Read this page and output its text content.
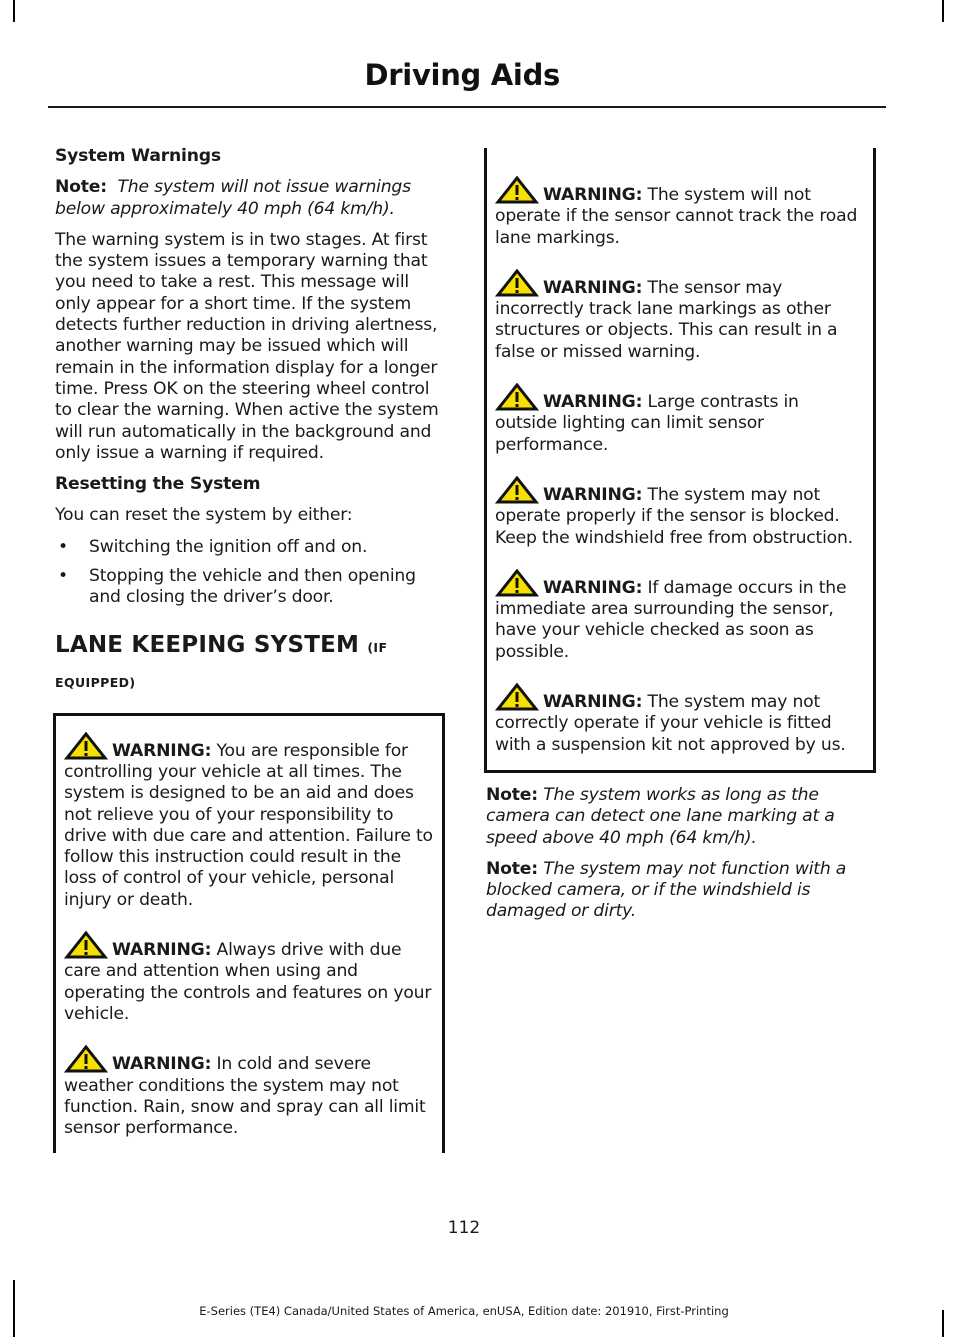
Driving Aids
System Warnings

Note: The system will not issue warnings below approximately 40 mph (64 km/h).

The warning system is in two stages. At first the system issues a temporary warning that you need to take a rest. This message will only appear for a short time. If the system detects further reduction in driving alertness, another warning may be issued which will remain in the information display for a longer time. Press OK on the steering wheel control to clear the warning. When active the system will run automatically in the background and only issue a warning if required.

Resetting the System

You can reset the system by either:

• Switching the ignition off and on.
• Stopping the vehicle and then opening and closing the driver’s door.
LANE KEEPING SYSTEM (IF EQUIPPED)

WARNING: You are responsible for controlling your vehicle at all times. The system is designed to be an aid and does not relieve you of your responsibility to drive with due care and attention. Failure to follow this instruction could result in the loss of control of your vehicle, personal injury or death.

WARNING: Always drive with due care and attention when using and operating the controls and features on your vehicle.

WARNING: In cold and severe weather conditions the system may not function. Rain, snow and spray can all limit sensor performance.

WARNING: The system will not operate if the sensor cannot track the road lane markings.

WARNING: The sensor may incorrectly track lane markings as other structures or objects. This can result in a false or missed warning.

WARNING: Large contrasts in outside lighting can limit sensor performance.

WARNING: The system may not operate properly if the sensor is blocked. Keep the windshield free from obstruction.

WARNING: If damage occurs in the immediate area surrounding the sensor, have your vehicle checked as soon as possible.

WARNING: The system may not correctly operate if your vehicle is fitted with a suspension kit not approved by us.

Note: The system works as long as the camera can detect one lane marking at a speed above 40 mph (64 km/h).

Note: The system may not function with a blocked camera, or if the windshield is damaged or dirty.

112
E-Series (TE4) Canada/United States of America, enUSA, Edition date: 201910, First-Printing
